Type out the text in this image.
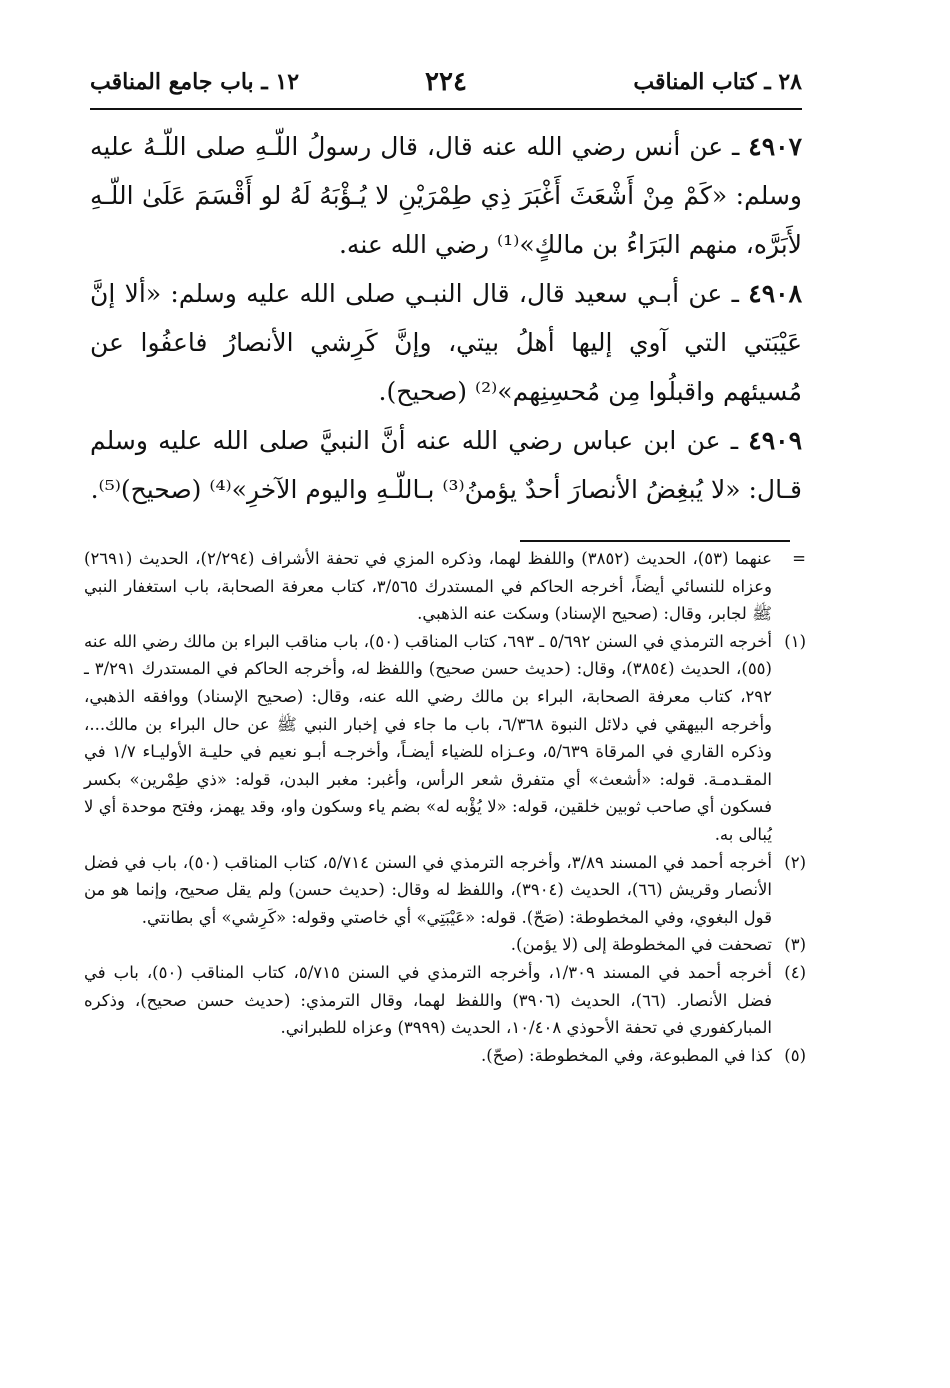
٢٨ ـ كتاب المناقب
٢٢٤
١٢ ـ باب جامع المناقب

٤٩٠٧ ـ عن أنس رضي الله عنه قال، قال رسولُ اللّـهِ صلى اللّـهُ عليه وسلم: «كَمْ مِنْ أَشْعَثَ أَغْبَرَ ذِي طِمْرَيْنِ لا يُـؤْبَهُ لَهُ لو أَقْسَمَ عَلَىٰ اللّـهِ لأَبَرَّه، منهم البَرَاءُ بن مالكٍ»⁽¹⁾ رضي الله عنه.

٤٩٠٨ ـ عن أبـي سعيد قال، قال النبـي صلى الله عليه وسلم: «ألا إنَّ عَيْبَتي التي آوي إليها أهلُ بيتي، وإنَّ كَرِشي الأنصارُ فاعفُوا عن مُسيئهم واقبلُوا مِن مُحسِنِهم»⁽²⁾ (صحيح).

٤٩٠٩ ـ عن ابن عباس رضي الله عنه أنَّ النبيَّ صلى الله عليه وسلم قـال: «لا يُبغِضُ الأنصارَ أحدٌ يؤمنُ⁽³⁾ بـاللّـهِ واليوم الآخرِ»⁽⁴⁾ (صحيح)⁽⁵⁾.

=
عنهما (٥٣)، الحديث (٣٨٥٢) واللفظ لهما، وذكره المزي في تحفة الأشراف (٢/٢٩٤)، الحديث (٢٦٩١) وعزاه للنسائي أيضاً، أخرجه الحاكم في المستدرك ٣/٥٦٥، كتاب معرفة الصحابة، باب استغفار النبي ﷺ لجابر، وقال: (صحيح الإسناد) وسكت عنه الذهبي.
(١)
أخرجه الترمذي في السنن ٥/٦٩٢ ـ ٦٩٣، كتاب المناقب (٥٠)، باب مناقب البراء بن مالك رضي الله عنه (٥٥)، الحديث (٣٨٥٤)، وقال: (حديث حسن صحيح) واللفظ له، وأخرجه الحاكم في المستدرك ٣/٢٩١ ـ ٢٩٢، كتاب معرفة الصحابة، البراء بن مالك رضي الله عنه، وقال: (صحيح الإسناد) ووافقه الذهبي، وأخرجه البيهقي في دلائل النبوة ٦/٣٦٨، باب ما جاء في إخبار النبي ﷺ عن حال البراء بن مالك...، وذكره القاري في المرقاة ٥/٦٣٩، وعـزاه للضياء أيضـاً، وأخرجـه أبـو نعيم في حليـة الأوليـاء ١/٧ في المقـدمـة. قوله: «أشعث» أي متفرق شعر الرأس، وأغبر: مغبر البدن، قوله: «ذي طِمْرين» بكسر فسكون أي صاحب ثوبين خلقين، قوله: «لا يُؤْبه له» بضم ياء وسكون واو، وقد يهمز، وفتح موحدة أي لا يُبالى به.
(٢)
أخرجه أحمد في المسند ٣/٨٩، وأخرجه الترمذي في السنن ٥/٧١٤، كتاب المناقب (٥٠)، باب في فضل الأنصار وقريش (٦٦)، الحديث (٣٩٠٤)، واللفظ له وقال: (حديث حسن) ولم يقل صحيح، وإنما هو من قول البغوي، وفي المخطوطة: (صَحّ). قوله: «عَيْبَتِي» أي خاصتي وقوله: «كَرِشي» أي بطانتي.
(٣)
تصحفت في المخطوطة إلى (لا يؤمن).
(٤)
أخرجه أحمد في المسند ١/٣٠٩، وأخرجه الترمذي في السنن ٥/٧١٥، كتاب المناقب (٥٠)، باب في فضل الأنصار. (٦٦)، الحديث (٣٩٠٦) واللفظ لهما، وقال الترمذي: (حديث حسن صحيح)، وذكره المباركفوري في تحفة الأحوذي ١٠/٤٠٨، الحديث (٣٩٩٩) وعزاه للطبراني.
(٥)
كذا في المطبوعة، وفي المخطوطة: (صحّ).
